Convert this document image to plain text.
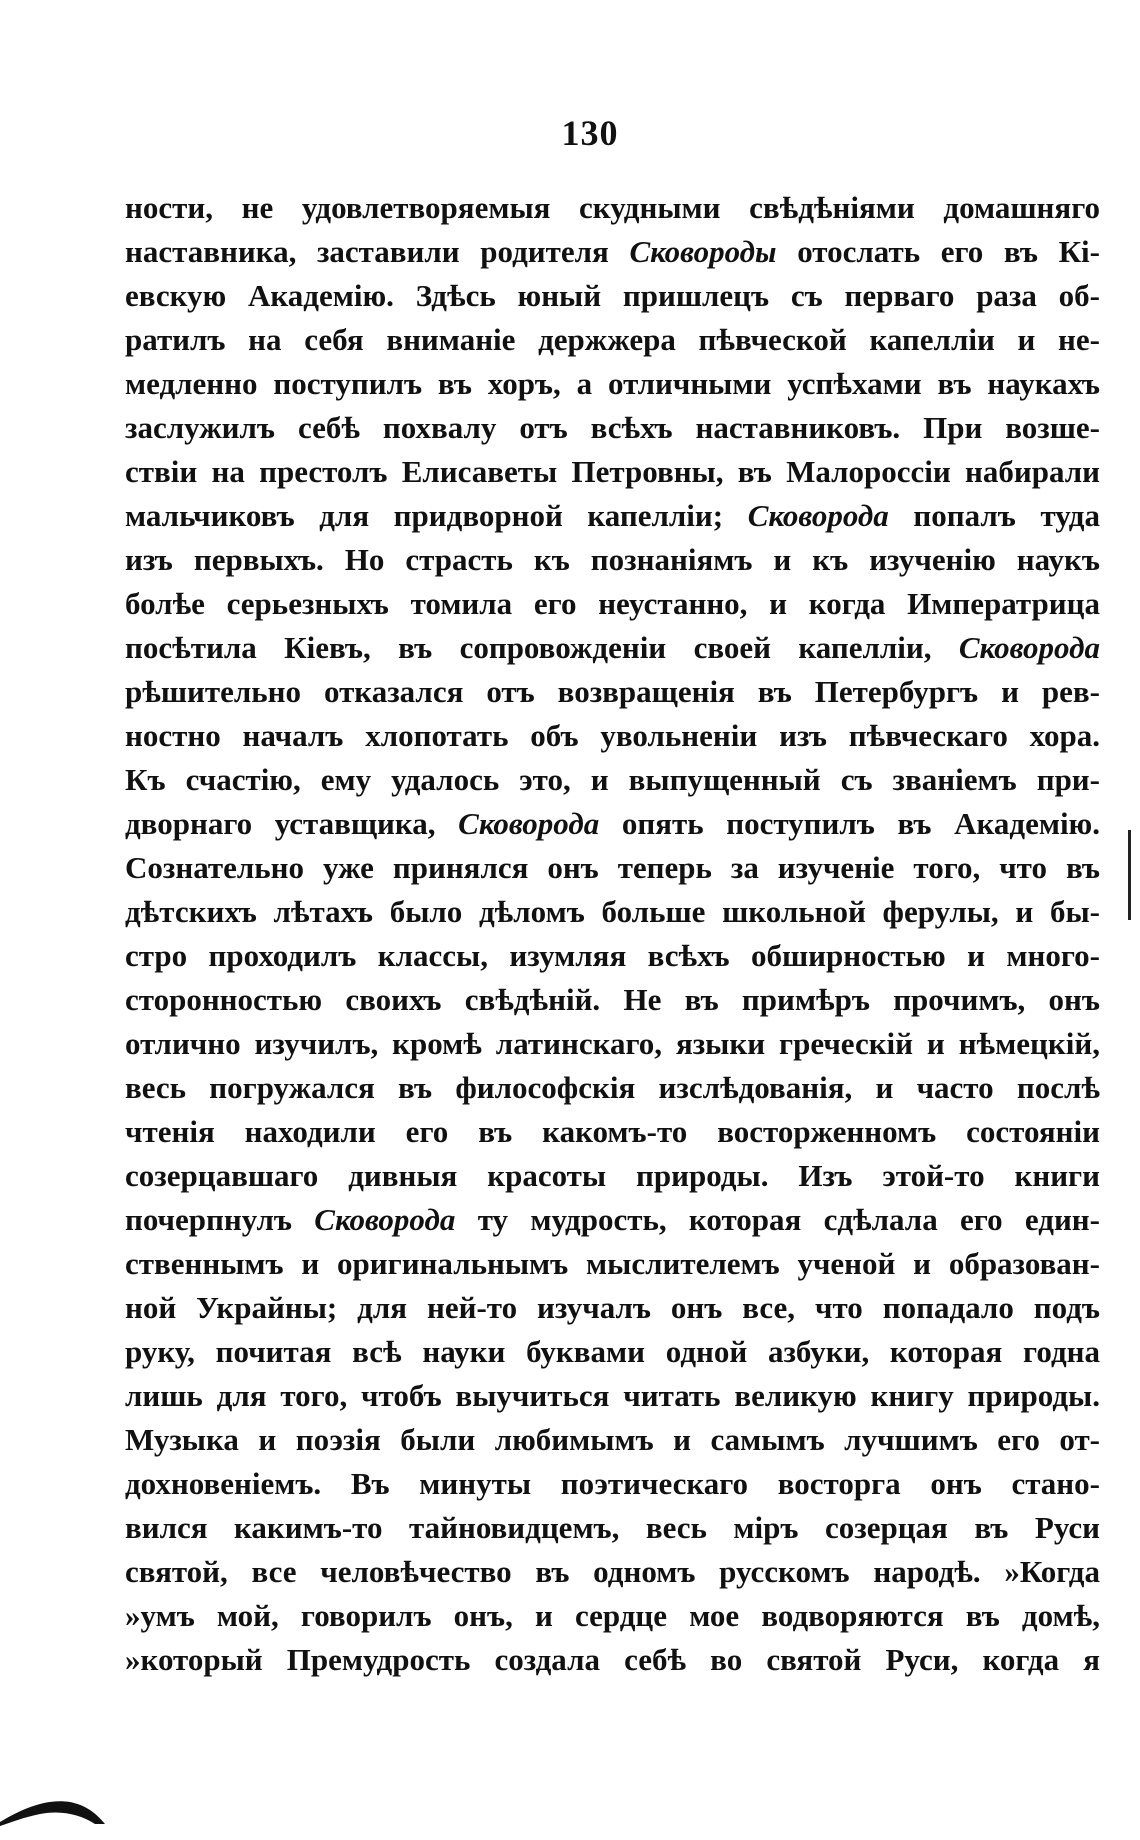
130
ности, не удовлетворяемыя скудными свѣдѣніями домашняго
наставника, заставили родителя Сковороды отослать его въ Кі-
евскую Академію. Здѣсь юный пришлецъ съ перваго раза об-
ратилъ на себя вниманіе держжера пѣвческой капелліи и не-
медленно поступилъ въ хоръ, а отличными успѣхами въ наукахъ
заслужилъ себѣ похвалу отъ всѣхъ наставниковъ. При возше-
ствіи на престолъ Елисаветы Петровны, въ Малороссіи набирали
мальчиковъ для придворной капелліи; Сковорода попалъ туда
изъ первыхъ. Но страсть къ познаніямъ и къ изученію наукъ
болѣе серьезныхъ томила его неустанно, и когда Императрица
посѣтила Кіевъ, въ сопровожденіи своей капелліи, Сковорода
рѣшительно отказался отъ возвращенія въ Петербургъ и рев-
ностно началъ хлопотать объ увольненіи изъ пѣвческаго хора.
Къ счастію, ему удалось это, и выпущенный съ званіемъ при-
дворнаго уставщика, Сковорода опять поступилъ въ Академію.
Сознательно уже принялся онъ теперь за изученіе того, что въ
дѣтскихъ лѣтахъ было дѣломъ больше школьной ферулы, и бы-
стро проходилъ классы, изумляя всѣхъ обширностью и много-
сторонностью своихъ свѣдѣній. Не въ примѣръ прочимъ, онъ
отлично изучилъ, кромѣ латинскаго, языки греческій и нѣмецкій,
весь погружался въ философскія изслѣдованія, и часто послѣ
чтенія находили его въ какомъ-то восторженномъ состояніи
созерцавшаго дивныя красоты природы. Изъ этой-то книги
почерпнулъ Сковорода ту мудрость, которая сдѣлала его един-
ственнымъ и оригинальнымъ мыслителемъ ученой и образован-
ной Украйны; для ней-то изучалъ онъ все, что попадало подъ
руку, почитая всѣ науки буквами одной азбуки, которая годна
лишь для того, чтобъ выучиться читать великую книгу природы.
Музыка и поэзія были любимымъ и самымъ лучшимъ его от-
дохновеніемъ. Въ минуты поэтическаго восторга онъ стано-
вился какимъ-то тайновидцемъ, весь міръ созерцая въ Руси
святой, все человѣчество въ одномъ русскомъ народѣ. »Когда
»умъ мой, говорилъ онъ, и сердце мое водворяются въ домѣ,
»который Премудрость создала себѣ во святой Руси, когда я
